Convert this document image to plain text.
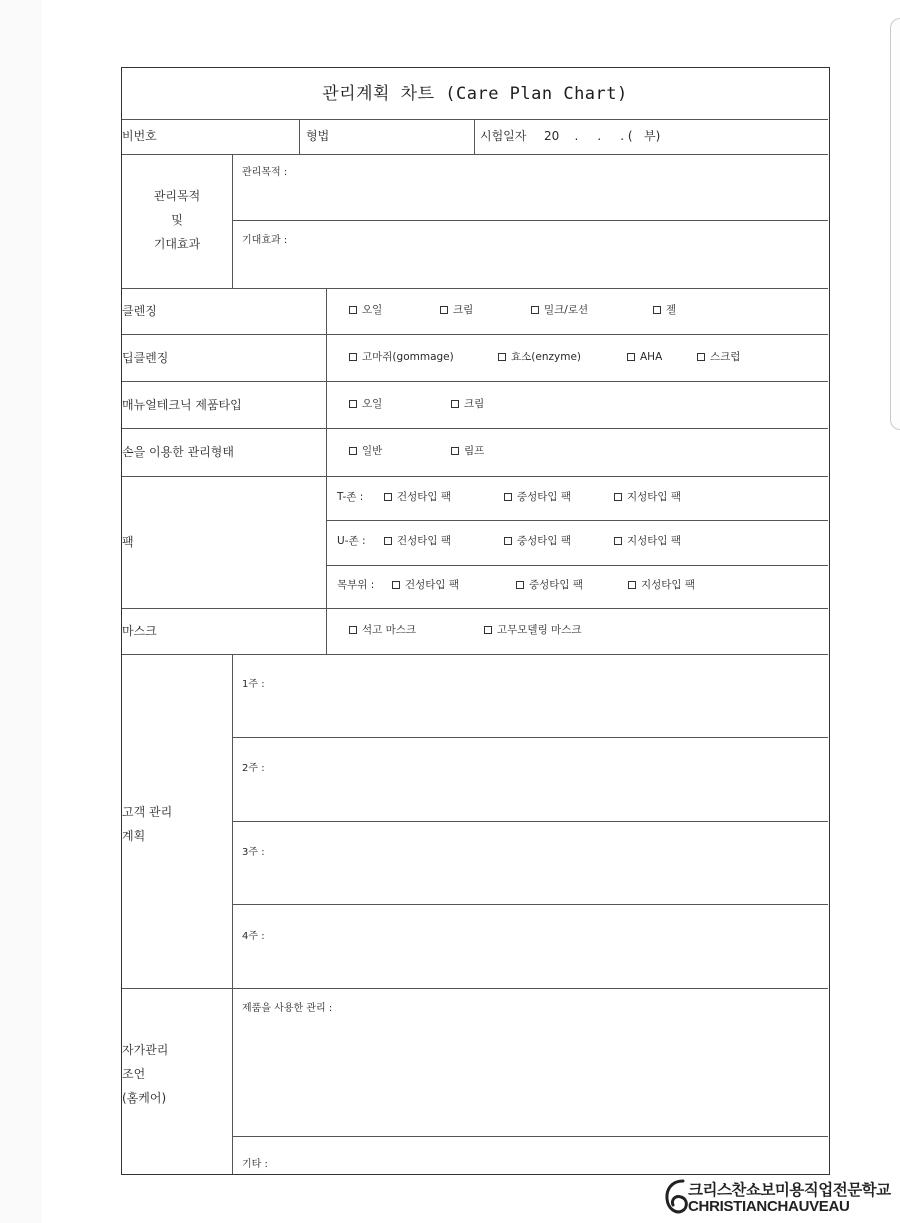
관리계획 차트 (Care Plan Chart)
비번호	형법	시험일자 20    .     .     . (   부)
관리목적
및
기대효과
관리목적 :
기대효과 :
클렌징	오일	크림	밀크/로션	젤
딥클렌징	고마쥐(gommage)	효소(enzyme)	AHA	스크럽
매뉴얼테크닉 제품타입	오일	크림
손을 이용한 관리형태	일반	림프
팩
T-존 :	건성타입 팩	중성타입 팩	지성타입 팩
U-존 :	건성타입 팩	중성타입 팩	지성타입 팩
목부위 :	건성타입 팩	중성타입 팩	지성타입 팩
마스크	석고 마스크	고무모델링 마스크
고객 관리
계획
1주 :
2주 :
3주 :
4주 :
자가관리
조언
(홈케어)
제품을 사용한 관리 :
기타 :
크리스찬쇼보미용직업전문학교
CHRISTIANCHAUVEAU
